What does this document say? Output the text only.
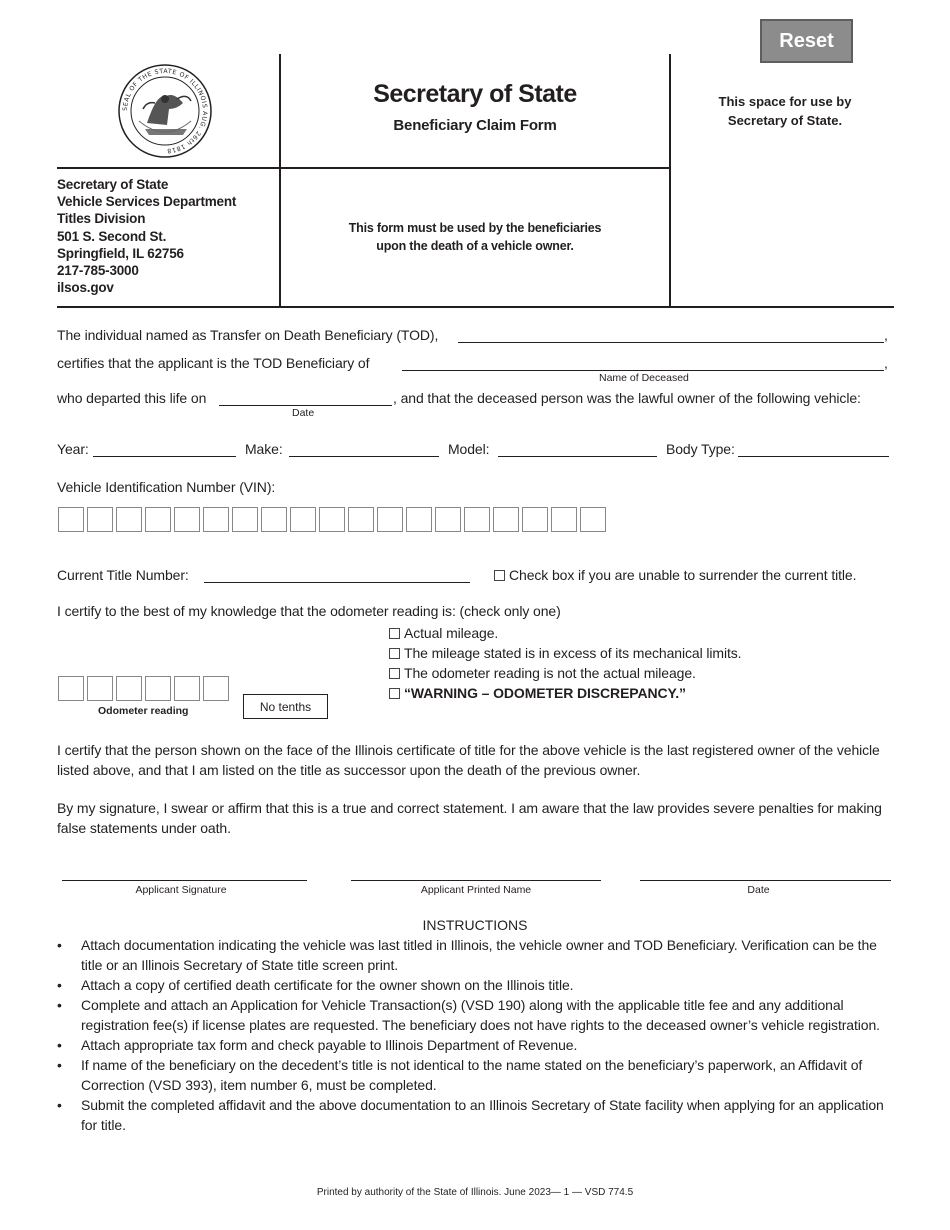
Reset
SEAL OF THE STATE OF ILLINOIS AUG. 26th 1818
Secretary of State
Beneficiary Claim Form
This space for use by
Secretary of State.
Secretary of State
Vehicle Services Department
Titles Division
501 S. Second St.
Springfield, IL 62756
217-785-3000
ilsos.gov
This form must be used by the beneficiaries
upon the death of a vehicle owner.
The individual named as Transfer on Death Beneficiary (TOD),	,
certifies that the applicant is the TOD Beneficiary of	,
Name of Deceased
who departed this life on	, and that the deceased person was the lawful owner of the following vehicle:
Date
Year:	Make:	Model:	Body Type:
Vehicle Identification Number (VIN):
Current Title Number:	Check box if you are unable to surrender the current title.
I certify to the best of my knowledge that the odometer reading is: (check only one)
Actual mileage.
The mileage stated is in excess of its mechanical limits.
The odometer reading is not the actual mileage.
“WARNING – ODOMETER DISCREPANCY.”
Odometer reading	No tenths
I certify that the person shown on the face of the Illinois certificate of title for the above vehicle is the last registered owner of the vehicle listed above, and that I am listed on the title as successor upon the death of the previous owner.
By my signature, I swear or affirm that this is a true and correct statement. I am aware that the law provides severe penalties for making false statements under oath.
Applicant Signature	Applicant Printed Name	Date
INSTRUCTIONS
• Attach documentation indicating the vehicle was last titled in Illinois, the vehicle owner and TOD Beneficiary. Verification can be the title or an Illinois Secretary of State title screen print.
• Attach a copy of certified death certificate for the owner shown on the Illinois title.
• Complete and attach an Application for Vehicle Transaction(s) (VSD 190) along with the applicable title fee and any additional registration fee(s) if license plates are requested. The beneficiary does not have rights to the deceased owner’s vehicle registration.
• Attach appropriate tax form and check payable to Illinois Department of Revenue.
• If name of the beneficiary on the decedent’s title is not identical to the name stated on the beneficiary’s paperwork, an Affidavit of Correction (VSD 393), item number 6, must be completed.
• Submit the completed affidavit and the above documentation to an Illinois Secretary of State facility when applying for an application for title.
Printed by authority of the State of Illinois. June 2023— 1 — VSD 774.5
